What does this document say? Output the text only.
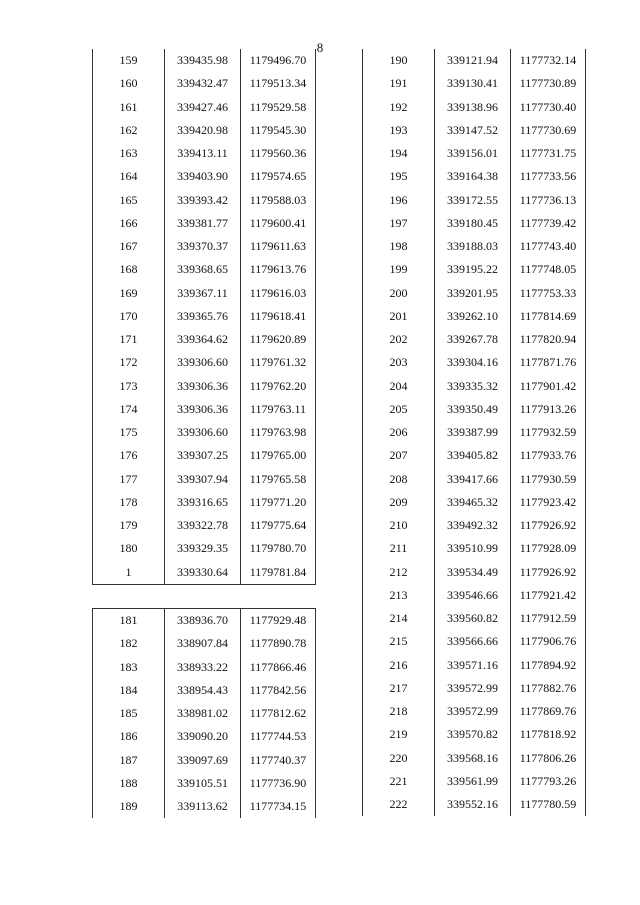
8
159	339435.98	1179496.70
160	339432.47	1179513.34
161	339427.46	1179529.58
162	339420.98	1179545.30
163	339413.11	1179560.36
164	339403.90	1179574.65
165	339393.42	1179588.03
166	339381.77	1179600.41
167	339370.37	1179611.63
168	339368.65	1179613.76
169	339367.11	1179616.03
170	339365.76	1179618.41
171	339364.62	1179620.89
172	339306.60	1179761.32
173	339306.36	1179762.20
174	339306.36	1179763.11
175	339306.60	1179763.98
176	339307.25	1179765.00
177	339307.94	1179765.58
178	339316.65	1179771.20
179	339322.78	1179775.64
180	339329.35	1179780.70
1	339330.64	1179781.84
181	338936.70	1177929.48
182	338907.84	1177890.78
183	338933.22	1177866.46
184	338954.43	1177842.56
185	338981.02	1177812.62
186	339090.20	1177744.53
187	339097.69	1177740.37
188	339105.51	1177736.90
189	339113.62	1177734.15
190	339121.94	1177732.14
191	339130.41	1177730.89
192	339138.96	1177730.40
193	339147.52	1177730.69
194	339156.01	1177731.75
195	339164.38	1177733.56
196	339172.55	1177736.13
197	339180.45	1177739.42
198	339188.03	1177743.40
199	339195.22	1177748.05
200	339201.95	1177753.33
201	339262.10	1177814.69
202	339267.78	1177820.94
203	339304.16	1177871.76
204	339335.32	1177901.42
205	339350.49	1177913.26
206	339387.99	1177932.59
207	339405.82	1177933.76
208	339417.66	1177930.59
209	339465.32	1177923.42
210	339492.32	1177926.92
211	339510.99	1177928.09
212	339534.49	1177926.92
213	339546.66	1177921.42
214	339560.82	1177912.59
215	339566.66	1177906.76
216	339571.16	1177894.92
217	339572.99	1177882.76
218	339572.99	1177869.76
219	339570.82	1177818.92
220	339568.16	1177806.26
221	339561.99	1177793.26
222	339552.16	1177780.59
